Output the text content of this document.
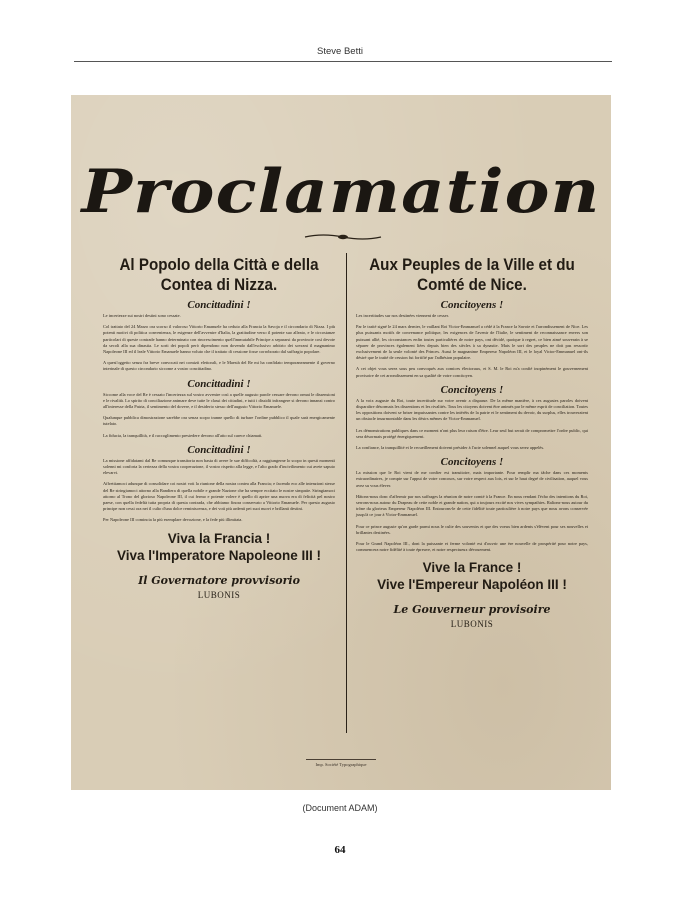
Steve Betti
Proclamation
Al Popolo della Città e della Contea di Nizza.
Concittadini !

Le incertezze sui nostri destini sono cessate.

Col trattato del 24 Marzo ora scorso il valoroso Vittorio Emanuele ha ceduto alla Francia la Savoja e il circondario di Nizza. I più potenti motivi di politica convenienza, le esigenze dell'avvenire d'Italia, la gratitudine verso il potente suo alleato, e le circostanze particolari di queste contrade hanno determinato con rincrescimento quell'immutabile Principe a separarsi da provincie così devote da secoli alla sua dinastia. Le sorti dei popoli però dipendono non dovendo dall'esclusivo arbitrio dei sovrani il magnanimo Napoleone III ed il leale Vittorio Emanuele hanno voluto che il trattato di cessione fosse corroborato dal suffragio popolare.

A quest'oggetto senza fra breve convocati nei comizii elettorali, e le Maestà del Re mi ha confidato temporaneamente il governo interinale di questo circondario siccome a vostro concittadino.

Concittadini !

Siccome alla voce del Re è cessato l'incertezza sul vostro avvenire così a quelle augusto parole cessare devono ormai le dissensioni e le rivalità. Lo spirito di conciliazione animare deve tutte le classi dei cittadini, e tutti i dissidii infrangere si devono innanzi contro all'interesse della Patria, il sentimento del dovere, e il desiderio stesso dell'augusto Vittorio Emanuele.

Qualunque pubblica dimostrazione sarebbe ora senza scopo tranne quello di turbare l'ordine pubblico il quale sarà energicamente tutelato.

La fiducia, la tranquillità, e il raccoglimento presiedere devono all'atto sul carece chiamati.

Concittadini !

La missione affidatami dal Re comunque transitoria non basta di avere le sue difficoltà, a raggiungerne lo scopo in questi momenti solenni mi conforta la certezza della vostra cooperazione, il vostro rispetto alla legge, e l'alto grado d'incivilimento cui avete saputo elevarvi.

Affrettiamoci adunque di consolidare coi nostri voti la riunione della nostra contea alla Francia; e facendo eco alle intenzioni stesse del Re stringiamoci attorno alla Bandiera di quella nobile e grande Nazione che ha sempre eccitato le nostre simpatie. Stringiamoci attorno al Trono del glorioso Napoleone III, il cui fermo e potente volere è quello di aprire una nuova era di felicità pel nostro paese, con quella fedeltà tutta propria di questa contrada, che abbiamo finora conservato a Vittorio Emanuele. Per questo augusto principe non cessi ora nei il culto d'una dolce reminiscenza, e dei voti più ardenti pei suoi nuovi e brillanti destini.

Per Napoleone III comincia la più esemplare devozione, e la fede più illimitata.

Viva la Francia !
Viva l'Imperatore Napoleone III !
Il Governatore provvisorio
LUBONIS
Aux Peuples de la Ville et du Comté de Nice.
Concitoyens !

Les incertitudes sur nos destinées viennent de cesser.

Par le traité signé le 24 mars dernier, le vaillant Roi Victor-Emmanuel a cédé à la France la Savoie et l'arrondissement de Nice. Les plus puissants motifs de convenance politique, les exigences de l'avenir de l'Italie, le sentiment de reconnaissance envers son puissant allié, les circonstances enfin toutes particulières de notre pays, ont décidé, quoique à regret, ce bien aimé souverain à se séparer de provinces également liées depuis bien des siècles à sa dynastie. Mais le sort des peuples ne doit pas ressortir exclusivement de la seule volonté des Princes. Aussi le magnanime Empereur Napoléon III, et le loyal Victor-Emmanuel ont-ils désiré que le traité de cession fut fortifié par l'adhésion populaire.

A cet objet vous serez sous peu convoqués aux comices électoraux, et S. M. le Roi m'a confié inopinément le gouvernement provisoire de cet arrondissement en sa qualité de votre concitoyen.

Concitoyens !

A la voix auguste du Roi, toute incertitude sur votre avenir a disparue. De la même manière, à ces augustes paroles doivent disparaître désormais les dissentions et les rivalités. Tous les citoyens doivent être animés par le même esprit de conciliation. Toutes les oppositions doivent se briser impuissantes contre les intérêts de la patrie et le sentiment du devoir, du surplus, elles trouveraient un obstacle insurmontable dans les désirs mêmes de Victor-Emmanuel.

Les démonstrations publiques dans ce moment n'ont plus leur raison d'être. Leur seul but serait de compromettre l'ordre public, qui sera désormais protégé énergiquement.

La confiance, la tranquillité et le recueillement doivent présider à l'acte solennel auquel vous serez appelés.

Concitoyens !

La mission que le Roi vient de me confier est transitoire, mais importante. Pour remplir ma tâche dans ces moments extraordinaires, je compte sur l'appui de votre concours, sur votre respect aux lois, et sur le haut degré de civilisation, auquel vous avez su vous élever.

Hâtons-nous donc d'affermir par nos suffrages la réunion de notre comté à la France. En nous rendant l'écho des intentions du Roi, serrons-nous autour du Drapeau de cette noble et grande nation, qui a toujours excité nos vives sympathies. Ralions-nous autour du trône du glorieux Empereur Napoléon III. Entourons-le de cette fidélité toute particulière à notre pays que nous avons conservée jusqu'à ce jour à Victor-Emmanuel.

Pour ce prince auguste qu'on garde parmi nous le culte des souvenirs et que des voeux bien ardents s'élèvent pour ses nouvelles et brillantes destinées.

Pour le Grand Napoléon III., dont la puissante et ferme volonté est d'ouvrir une ère nouvelle de prospérité pour notre pays, commencera notre fidélité à toute épreuve, et notre respectueux dévouement.

Vive la France !
Vive l'Empereur Napoléon III !
Le Gouverneur provisoire
LUBONIS
Imp. Société Typographique
(Document ADAM)
64
